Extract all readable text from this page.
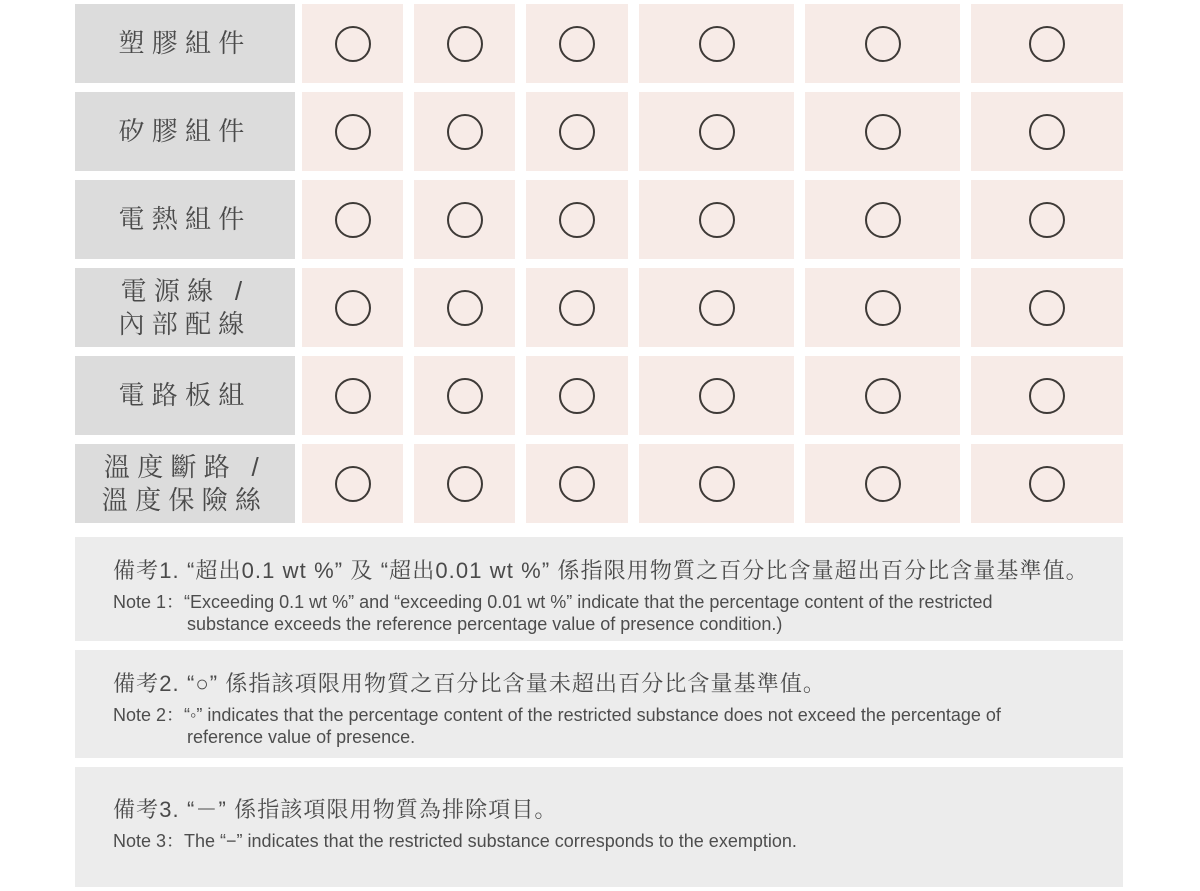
塑膠組件
矽膠組件
電熱組件
電源線 /
內部配線
電路板組
溫度斷路 /
溫度保險絲
備考1. “超出0.1 wt %” 及 “超出0.01 wt %” 係指限用物質之百分比含量超出百分比含量基準值。
Note 1：“Exceeding 0.1 wt %” and “exceeding 0.01 wt %” indicate that the percentage content of the restricted
substance exceeds the reference percentage value of presence condition.)
備考2. “○” 係指該項限用物質之百分比含量未超出百分比含量基準值。
Note 2：“◦” indicates that the percentage content of the restricted substance does not exceed the percentage of
reference value of presence.
備考3. “－” 係指該項限用物質為排除項目。
Note 3：The “−” indicates that the restricted substance corresponds to the exemption.
